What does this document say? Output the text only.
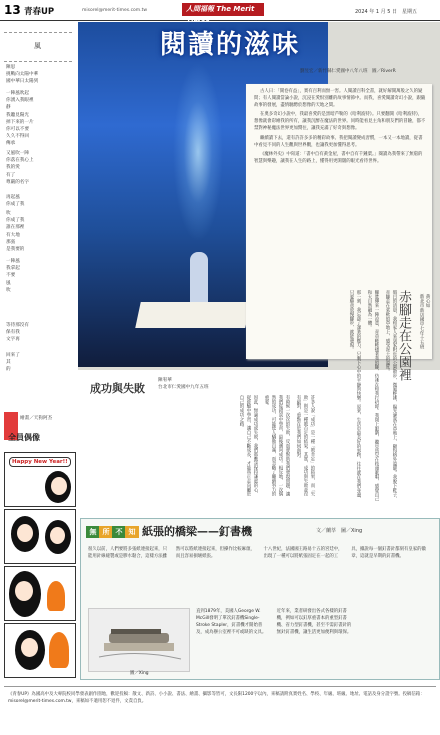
13 青春UP	misorel@merit-times.com.tw	人間福報 The Merit	2024 年 1 月 5 日　星期五
風
陳思
挑戰向太陽中華
國中華日太陽到
一陣風吹起
你湧入我眼裡
靜
我聽見陽光
掉下來的一片
你可以不要
久久不得回
傳承
又風吹一陣
你落在我心上
我的愛
有了
尊嚴的名字
再起風
你成了我
吹
你成了我
誰在那裡
有大地
那張
是我要的
一陣風
我拿起
不要
風
吹
等待那沒有
保有我
文字再
回來了
其
的
閱讀的滋味
劉昱宏／新竹縣仁愛國中八年八班　圖／RiverR

古人曰：「開卷有益」，實有百利而無一害。人閱讀百科全書，就好解開萬般之久的疑問；有人閱讀當論小說，沉浸在愛恨別離的故事情節中。而我，喜愛閱讀奇幻小說，跟隨故事的發展，盡情馳騁於想像的天地之間。

在奧多奇幻小說中，我最喜愛的是黑暗芦勒的《哈利波特》。只要翻開《哈利波特》，想像就會彩繪我的所有，讓我沉醉在魔法的世界。同時能看見主角和朋友們的冒險，都不禁對神秘魔法世界更加嚮往，讓我充滿了好奇與想像。

繼續讀下去，還有許許多多的精彩故事。我把閱讀變成習慣，一本又一本地讀，從書中看見不同的人生觀與世界觀，也讓我更加懂得思考。

《魔林外史》中寫道：「書中自有黃金屋，書中自有千鍾粟。」閱讀為我帶來了無窮的智慧與樂趣，讓我在人生的路上，懂得用更開闊的眼光看待世界。

成功與失敗
陳宥華
台北市仁愛國中九年五班

許多人說「成功」是一種「被肯定」的結果，而「失敗」則是一種被否定的結果。其實，成功與失敗並沒有絕對，重點在於我們如何面對。

有時候一次次的失敗，反而會幫助我們發現問題，讓我們從錯誤中學習，最後邁向成功。相反地，一次偶然的成功，可能使人驕傲自滿，而忽略了繼續努力的重要。

因此，無論成功或失敗，我們都應該保持謙虛的心，從經驗中學習，讓自己不斷成長，才能真正走向屬於自己的成功之路。

赤腳走在公園裡	黃心如
新北市新店國中七年十五班

假日的清晨，我和家人來到家附近的公園散步，微風輕拂，陽光灑落在草地上，顯得格外溫暖。我脫下鞋子，赤腳走在柔軟的草地上，感受泥土的溫度。

腳底傳來一陣涼意，青草輕輕搔著我的腳，彷彿在和我打招呼。我閉上眼睛，聽見鳥兒在枝頭歌唱，感覺自己和大自然融為一體。

那一刻，我忘卻了課業的壓力，只剩下心中的平靜與快樂。原來，生活中最美好的事物，往往就在我們身邊，只要願意放慢腳步，就能發現。

繪畫／天狗阿杰
全員偶像
Happy New Year!!
無 所 不 知 紙張的橋梁——釘書機	文／蘭萃　圖／Xing

很久以前，人們要將多張紙連接起來，只能用針線縫製或是膠水黏合，這樣方法雖然可以將紙連接起來，但操作比較麻煩，而且容易損壞紙張。

十八世紀，法國國王路易十五的宮廷中，出現了一種可以將紙張固定在一起的工具，據說每一個釘書針都刻有皇家的徽章，這就是早期的釘書機。

圖／Xing

直到1879年，美國人George W. McGill發明了單次釘書機Single-Stroke Stapler，釘書機才開始普及，成為辦公室裡不可或缺的文具。

近年來，業者研發出各式各樣的釘書機，例如可以釘厚重書本的重型釘書機、省力型釘書機，甚至不需釘書針的無針釘書機，讓生活更加便利與環保。

《青春UP》為國高中及大專院校同學發表創作園地，歡迎投稿：散文、新詩、小小說、書法、繪畫、攝影等皆可，文長限1200字以內，來稿請附真實姓名、學校、年級、班級、地址、電話及身分證字號。投稿信箱：misorel@merit-times.com.tw，來稿如不適用恕不退件，文責自負。
